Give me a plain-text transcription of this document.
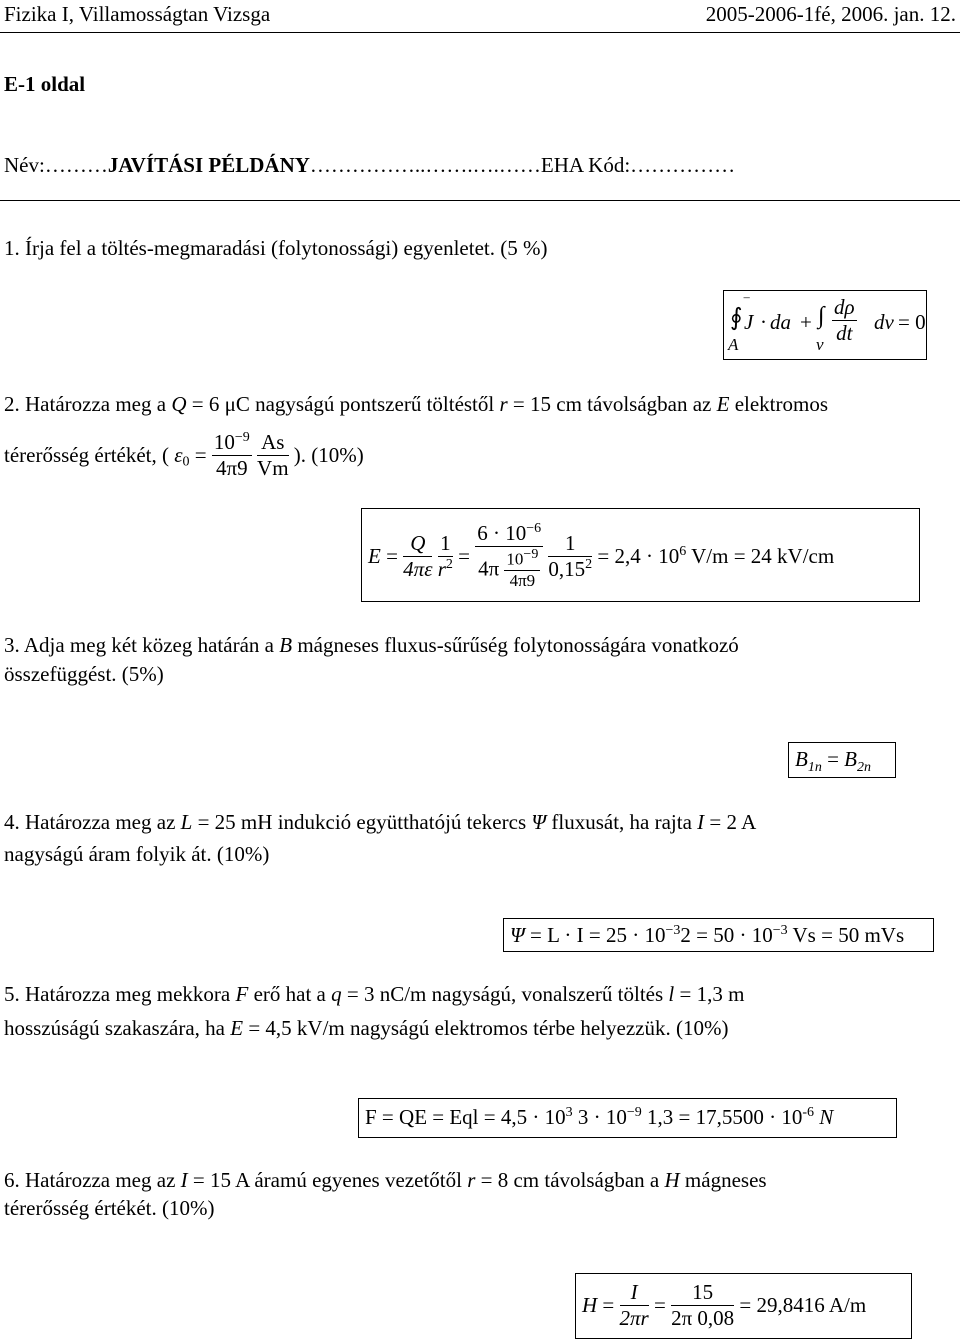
Fizika I, Villamosságtan Vizsga	2005-2006-1fé, 2006. jan. 12.
E-1 oldal
Név:………JAVÍTÁSI PÉLDÁNY……………..…….….……EHA Kód:……………
1. Írja fel a töltés-megmaradási (folytonossági) egyenletet. (5 %)
∮ J
‾
· da + ∫ $\frac{d\rho}{dt}$ dv = 0
A	v
2. Határozza meg a Q = 6 μC nagyságú pontszerű töltéstől r = 15 cm távolságban az E elektromos
térerősség értékét, ( $\varepsilon_0 = \frac{10^{-9}}{4\pi 9}$
$\frac{As}{Vm}$ ). (10%)
$E = \frac{Q}{4\pi\varepsilon}$
$\frac{1}{r^2} = \frac{6 \cdot 10^{-6}}{4\pi \frac{10^{-9}}{4\pi 9}}$
$\frac{1}{0,15^2} = 2,4 \cdot 10^6$ V/m = 24 kV/cm
3. Adja meg két közeg határán a B mágneses fluxus-sűrűség folytonosságára vonatkozó
összefüggést. (5%)
$B_{1n} = B_{2n}$
4. Határozza meg az L = 25 mH indukció együtthatójú tekercs Ψ fluxusát, ha rajta I = 2 A
nagyságú áram folyik át. (10%)
$\Psi = L \cdot I = 25 \cdot 10^{-3}2 = 50 \cdot 10^{-3}$ Vs = 50 mVs
5. Határozza meg mekkora F erő hat a q = 3 nC/m nagyságú, vonalszerű töltés l = 1,3 m
hosszúságú szakaszára, ha E = 4,5 kV/m nagyságú elektromos térbe helyezzük. (10%)
F = QE = Eql = $4,5 \cdot 10^3$ $3 \cdot 10^{-9}$ $1,3 = 17,5500 \cdot 10^{-6}$ N
6. Határozza meg az I = 15 A áramú egyenes vezetőtől r = 8 cm távolságban a H mágneses
térerősség értékét. (10%)
$H = \frac{I}{2\pi r} = \frac{15}{2\pi 0,08} = 29,8416$ A/m
